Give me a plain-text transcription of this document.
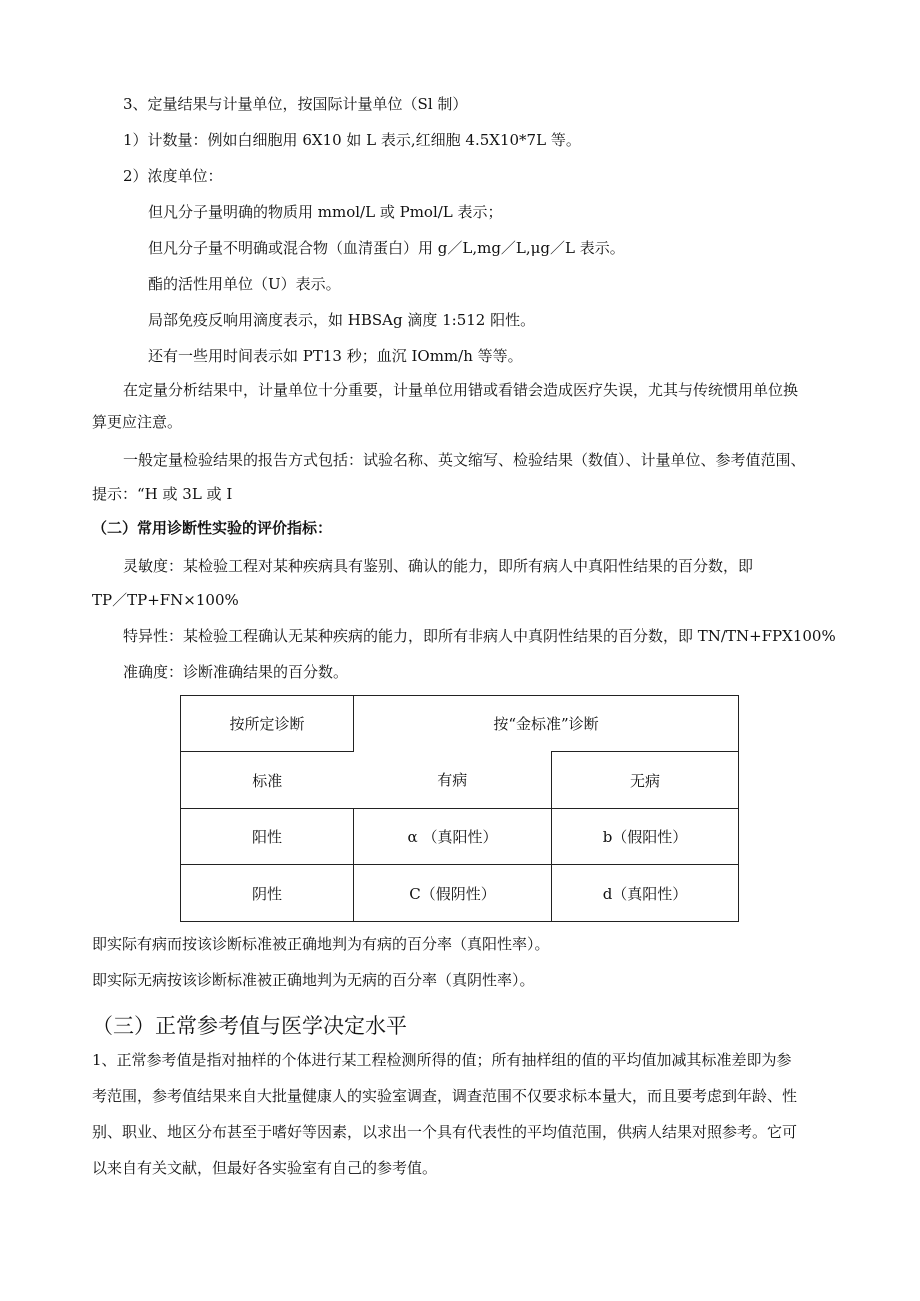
3、定量结果与计量单位，按国际计量单位（Sl 制）
1）计数量：例如白细胞用 6X10 如 L 表示,红细胞 4.5X10*7L 等。
2）浓度单位：
但凡分子量明确的物质用 mmol/L 或 Pmol/L 表示；
但凡分子量不明确或混合物（血清蛋白）用 g／L,mg／L,μg／L 表示。
酯的活性用单位（U）表示。
局部免疫反响用滴度表示，如 HBSAg 滴度 1:512 阳性。
还有一些用时间表示如 PT13 秒；血沉 IOmm/h 等等。
在定量分析结果中，计量单位十分重要，计量单位用错或看错会造成医疗失误，尤其与传统惯用单位换
算更应注意。
一般定量检验结果的报告方式包括：试验名称、英文缩写、检验结果（数值）、计量单位、参考值范围、
提示：“H 或 3L 或 I
（二）常用诊断性实验的评价指标：
灵敏度：某检验工程对某种疾病具有鉴别、确认的能力，即所有病人中真阳性结果的百分数，即
TP／TP+FN×100%
特异性：某检验工程确认无某种疾病的能力，即所有非病人中真阴性结果的百分数，即 TN/TN+FPX100%
准确度：诊断准确结果的百分数。
按所定诊断	按“金标准”诊断	
标准	有病	无病
阳性	α （真阳性）	b（假阳性）
阴性	C（假阴性）	d（真阳性）
即实际有病而按该诊断标准被正确地判为有病的百分率（真阳性率）。
即实际无病按该诊断标准被正确地判为无病的百分率（真阴性率）。
（三）正常参考值与医学决定水平
1、正常参考值是指对抽样的个体进行某工程检测所得的值；所有抽样组的值的平均值加减其标准差即为参
考范围，参考值结果来自大批量健康人的实验室调查，调查范围不仅要求标本量大，而且要考虑到年龄、性
别、职业、地区分布甚至于嗜好等因素，以求出一个具有代表性的平均值范围，供病人结果对照参考。它可
以来自有关文献，但最好各实验室有自己的参考值。
